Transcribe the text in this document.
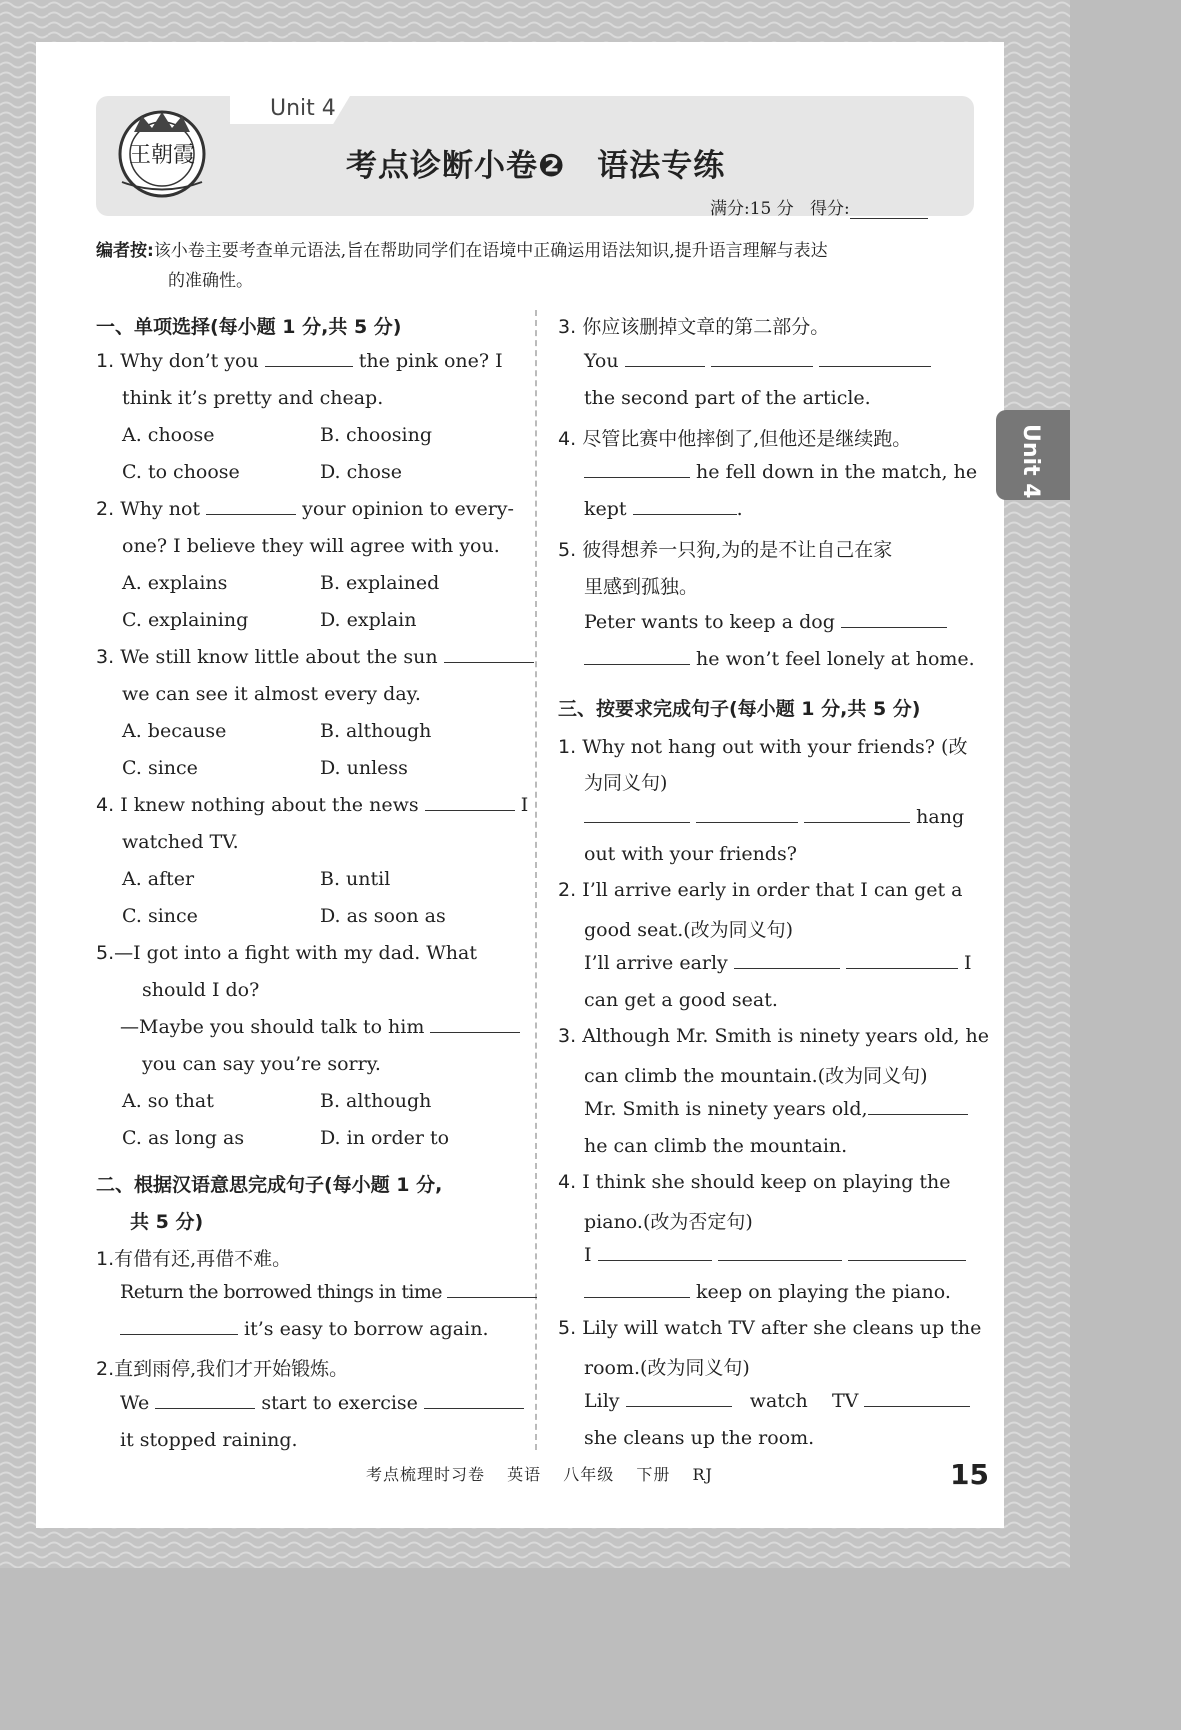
Unit 4
王朝霞	考点诊断小卷❷　语法专练
满分:15 分 得分:
编者按:该小卷主要考查单元语法,旨在帮助同学们在语境中正确运用语法知识,提升语言理解与表达
的准确性。
一、单项选择(每小题 1 分,共 5 分)
1. Why don’t you	the pink one? I
think it’s pretty and cheap.
A. choose	B. choosing
C. to choose	D. chose
2. Why not	your opinion to every-
one? I believe they will agree with you.
A. explains	B. explained
C. explaining	D. explain
3. We still know little about the sun
we can see it almost every day.
A. because	B. although
C. since	D. unless
4. I knew nothing about the news	I
watched TV.
A. after	B. until
C. since	D. as soon as
5.—I got into a fight with my dad. What
should I do?
—Maybe you should talk to him
you can say you’re sorry.
A. so that	B. although
C. as long as	D. in order to
二、根据汉语意思完成句子(每小题 1 分,
共 5 分)
1.有借有还,再借不难。
Return the borrowed things in time
it’s easy to borrow again.
2.直到雨停,我们才开始锻炼。
We	start to exercise
it stopped raining.
3. 你应该删掉文章的第二部分。
You
the second part of the article.
4. 尽管比赛中他摔倒了,但他还是继续跑。
he fell down in the match, he
kept	.
5. 彼得想养一只狗,为的是不让自己在家
里感到孤独。
Peter wants to keep a dog
he won’t feel lonely at home.
三、按要求完成句子(每小题 1 分,共 5 分)
1. Why not hang out with your friends? (改
为同义句)
hang
out with your friends?
2. I’ll arrive early in order that I can get a
good seat.(改为同义句)
I’ll arrive early	I
can get a good seat.
3. Although Mr. Smith is ninety years old, he
can climb the mountain.(改为同义句)
Mr. Smith is ninety years old,
he can climb the mountain.
4. I think she should keep on playing the
piano.(改为否定句)
I
keep on playing the piano.
5. Lily will watch TV after she cleans up the
room.(改为同义句)
Lily	watch TV
she cleans up the room.
Unit 4
考点梳理时习卷 英语 八年级 下册 RJ	15
